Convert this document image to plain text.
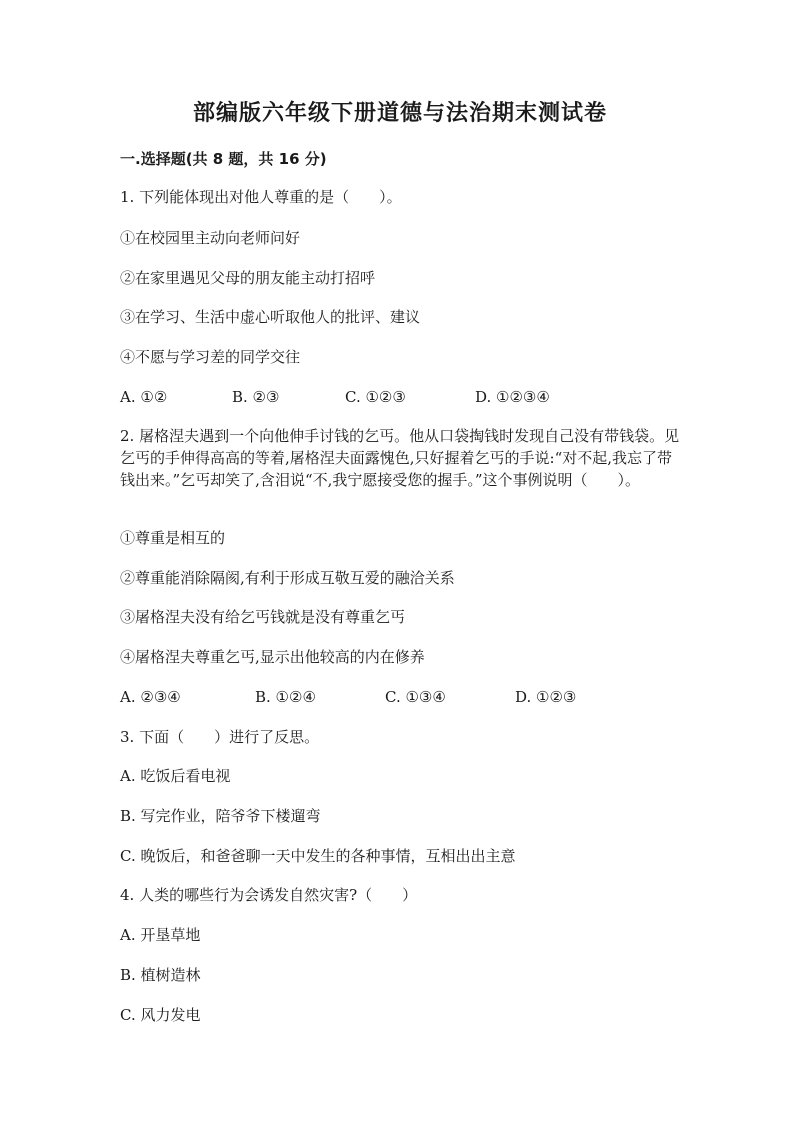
部编版六年级下册道德与法治期末测试卷
一.选择题(共 8 题，共 16 分)
1. 下列能体现出对他人尊重的是（　　）。
①在校园里主动向老师问好
②在家里遇见父母的朋友能主动打招呼
③在学习、生活中虚心听取他人的批评、建议
④不愿与学习差的同学交往
A. ①②	B. ②③	C. ①②③	D. ①②③④
2. 屠格涅夫遇到一个向他伸手讨钱的乞丐。他从口袋掏钱时发现自己没有带钱袋。见乞丐的手伸得高高的等着,屠格涅夫面露愧色,只好握着乞丐的手说:“对不起,我忘了带钱出来。”乞丐却笑了,含泪说“不,我宁愿接受您的握手。”这个事例说明（　　）。
①尊重是相互的
②尊重能消除隔阂,有利于形成互敬互爱的融洽关系
③屠格涅夫没有给乞丐钱就是没有尊重乞丐
④屠格涅夫尊重乞丐,显示出他较高的内在修养
A. ②③④	B. ①②④	C. ①③④	D. ①②③
3. 下面（　　）进行了反思。
A. 吃饭后看电视
B. 写完作业，陪爷爷下楼遛弯
C. 晚饭后，和爸爸聊一天中发生的各种事情，互相出出主意
4. 人类的哪些行为会诱发自然灾害?（　　）
A. 开垦草地
B. 植树造林
C. 风力发电
